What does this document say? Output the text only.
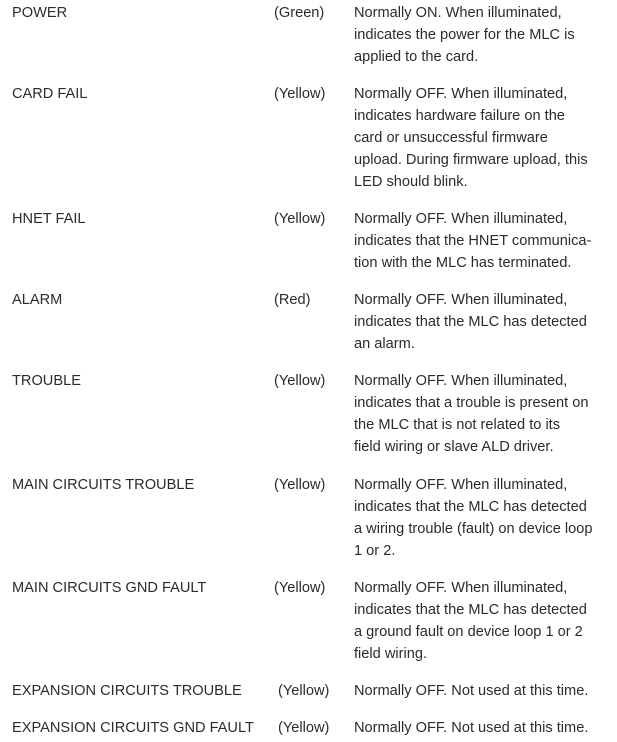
POWER	(Green) Normally ON. When illuminated,
indicates the power for the MLC is
applied to the card.
CARD FAIL	(Yellow) Normally OFF. When illuminated,
indicates hardware failure on the
card or unsuccessful firmware
upload. During firmware upload, this
LED should blink.
HNET FAIL	(Yellow) Normally OFF. When illuminated,
indicates that the HNET communica-
tion with the MLC has terminated.
ALARM	(Red)	Normally OFF. When illuminated,
indicates that the MLC has detected
an alarm.
TROUBLE	(Yellow) Normally OFF. When illuminated,
indicates that a trouble is present on
the MLC that is not related to its
field wiring or slave ALD driver.
MAIN CIRCUITS TROUBLE	(Yellow) Normally OFF. When illuminated,
indicates that the MLC has detected
a wiring trouble (fault) on device loop
1 or 2.
MAIN CIRCUITS GND FAULT	(Yellow) Normally OFF. When illuminated,
indicates that the MLC has detected
a ground fault on device loop 1 or 2
field wiring.
EXPANSION CIRCUITS TROUBLE (Yellow) Normally OFF. Not used at this time.
EXPANSION CIRCUITS GND FAULT (Yellow) Normally OFF. Not used at this time.
